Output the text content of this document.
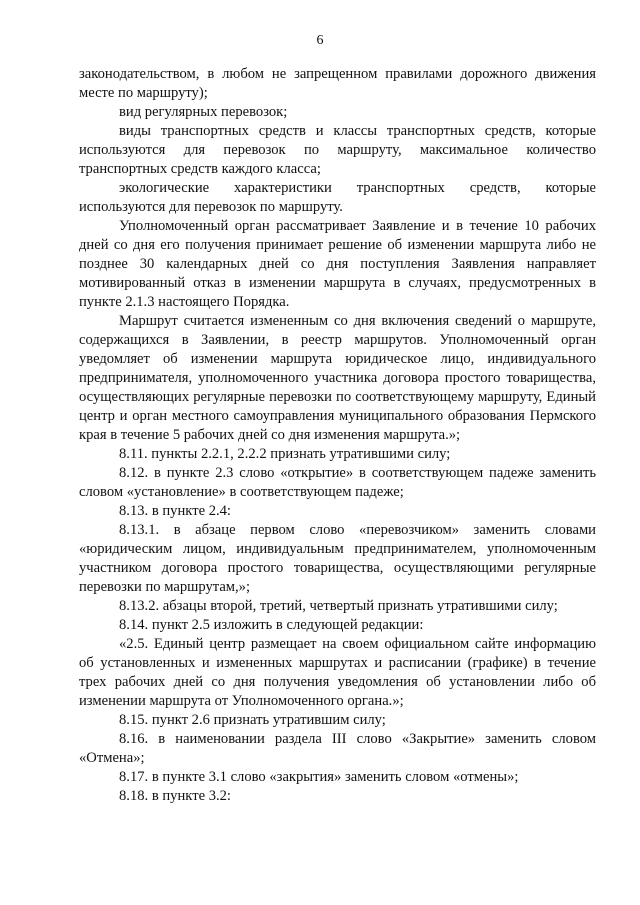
6

законодательством, в любом не запрещенном правилами дорожного движения месте по маршруту);

вид регулярных перевозок;

виды транспортных средств и классы транспортных средств, которые используются для перевозок по маршруту, максимальное количество транспортных средств каждого класса;

экологические характеристики транспортных средств, которые используются для перевозок по маршруту.

Уполномоченный орган рассматривает Заявление и в течение 10 рабочих дней со дня его получения принимает решение об изменении маршрута либо не позднее 30 календарных дней со дня поступления Заявления направляет мотивированный отказ в изменении маршрута в случаях, предусмотренных в пункте 2.1.3 настоящего Порядка.

Маршрут считается измененным со дня включения сведений о маршруте, содержащихся в Заявлении, в реестр маршрутов. Уполномоченный орган уведомляет об изменении маршрута юридическое лицо, индивидуального предпринимателя, уполномоченного участника договора простого товарищества, осуществляющих регулярные перевозки по соответствующему маршруту, Единый центр и орган местного самоуправления муниципального образования Пермского края в течение 5 рабочих дней со дня изменения маршрута.»;

8.11. пункты 2.2.1, 2.2.2 признать утратившими силу;

8.12. в пункте 2.3 слово «открытие» в соответствующем падеже заменить словом «установление» в соответствующем падеже;

8.13. в пункте 2.4:

8.13.1. в абзаце первом слово «перевозчиком» заменить словами «юридическим лицом, индивидуальным предпринимателем, уполномоченным участником договора простого товарищества, осуществляющими регулярные перевозки по маршрутам,»;

8.13.2. абзацы второй, третий, четвертый признать утратившими силу;

8.14. пункт 2.5 изложить в следующей редакции:

«2.5. Единый центр размещает на своем официальном сайте информацию об установленных и измененных маршрутах и расписании (графике) в течение трех рабочих дней со дня получения уведомления об установлении либо об изменении маршрута от Уполномоченного органа.»;

8.15. пункт 2.6 признать утратившим силу;

8.16. в наименовании раздела III слово «Закрытие» заменить словом «Отмена»;

8.17. в пункте 3.1 слово «закрытия» заменить словом «отмены»;

8.18. в пункте 3.2:
